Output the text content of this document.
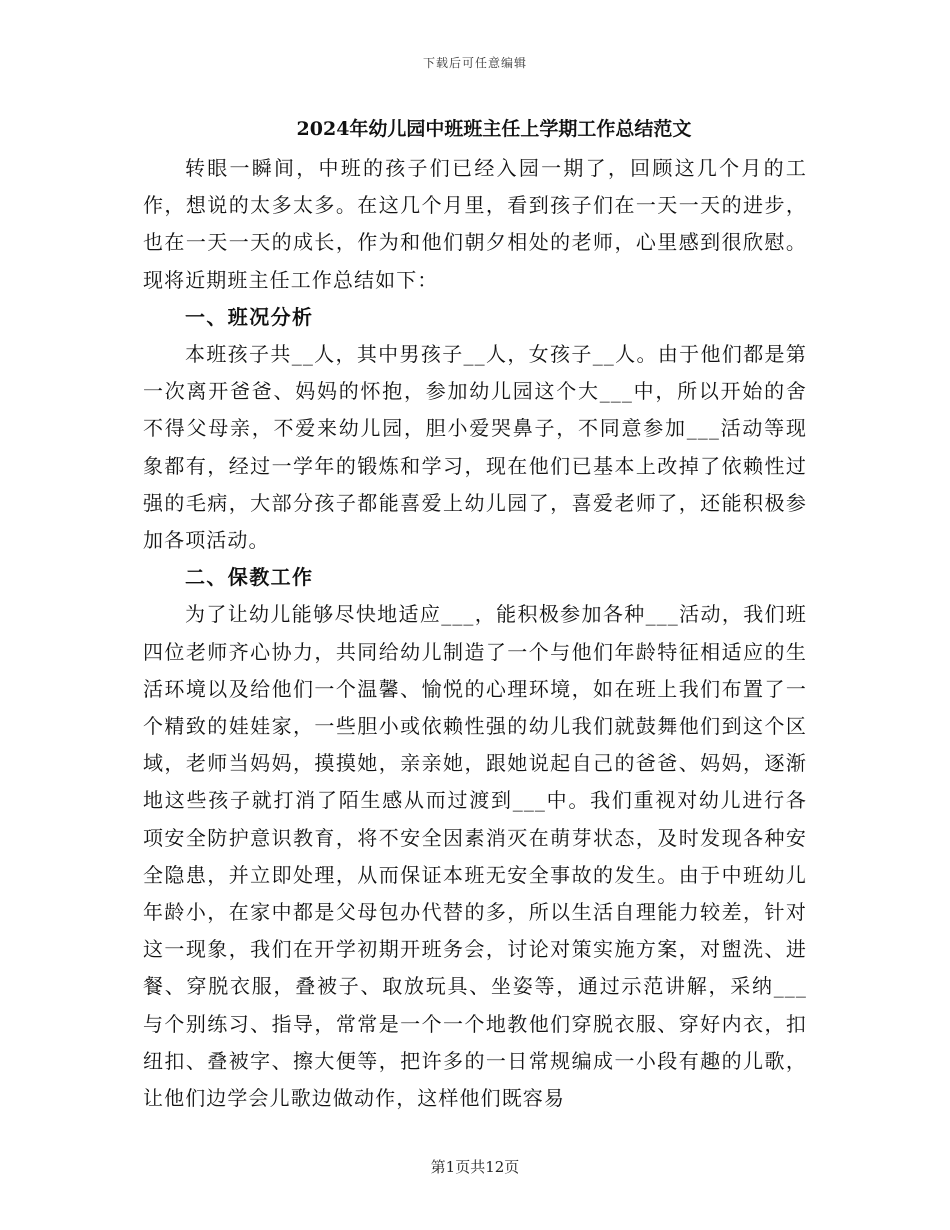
下载后可任意编辑
2024年幼儿园中班班主任上学期工作总结范文

转眼一瞬间，中班的孩子们已经入园一期了，回顾这几个月的工作，想说的太多太多。在这几个月里，看到孩子们在一天一天的进步，也在一天一天的成长，作为和他们朝夕相处的老师，心里感到很欣慰。现将近期班主任工作总结如下：

一、班况分析

本班孩子共__人，其中男孩子__人，女孩子__人。由于他们都是第一次离开爸爸、妈妈的怀抱，参加幼儿园这个大___中，所以开始的舍不得父母亲，不爱来幼儿园，胆小爱哭鼻子，不同意参加___活动等现象都有，经过一学年的锻炼和学习，现在他们已基本上改掉了依赖性过强的毛病，大部分孩子都能喜爱上幼儿园了，喜爱老师了，还能积极参加各项活动。

二、保教工作

为了让幼儿能够尽快地适应___，能积极参加各种___活动，我们班四位老师齐心协力，共同给幼儿制造了一个与他们年龄特征相适应的生活环境以及给他们一个温馨、愉悦的心理环境，如在班上我们布置了一个精致的娃娃家，一些胆小或依赖性强的幼儿我们就鼓舞他们到这个区域，老师当妈妈，摸摸她，亲亲她，跟她说起自己的爸爸、妈妈，逐渐地这些孩子就打消了陌生感从而过渡到___中。我们重视对幼儿进行各项安全防护意识教育，将不安全因素消灭在萌芽状态，及时发现各种安全隐患，并立即处理，从而保证本班无安全事故的发生。由于中班幼儿年龄小，在家中都是父母包办代替的多，所以生活自理能力较差，针对这一现象，我们在开学初期开班务会，讨论对策实施方案，对盥洗、进餐、穿脱衣服，叠被子、取放玩具、坐姿等，通过示范讲解，采纳___与个别练习、指导，常常是一个一个地教他们穿脱衣服、穿好内衣，扣纽扣、叠被字、擦大便等，把许多的一日常规编成一小段有趣的儿歌，让他们边学会儿歌边做动作，这样他们既容易

第1页共12页
